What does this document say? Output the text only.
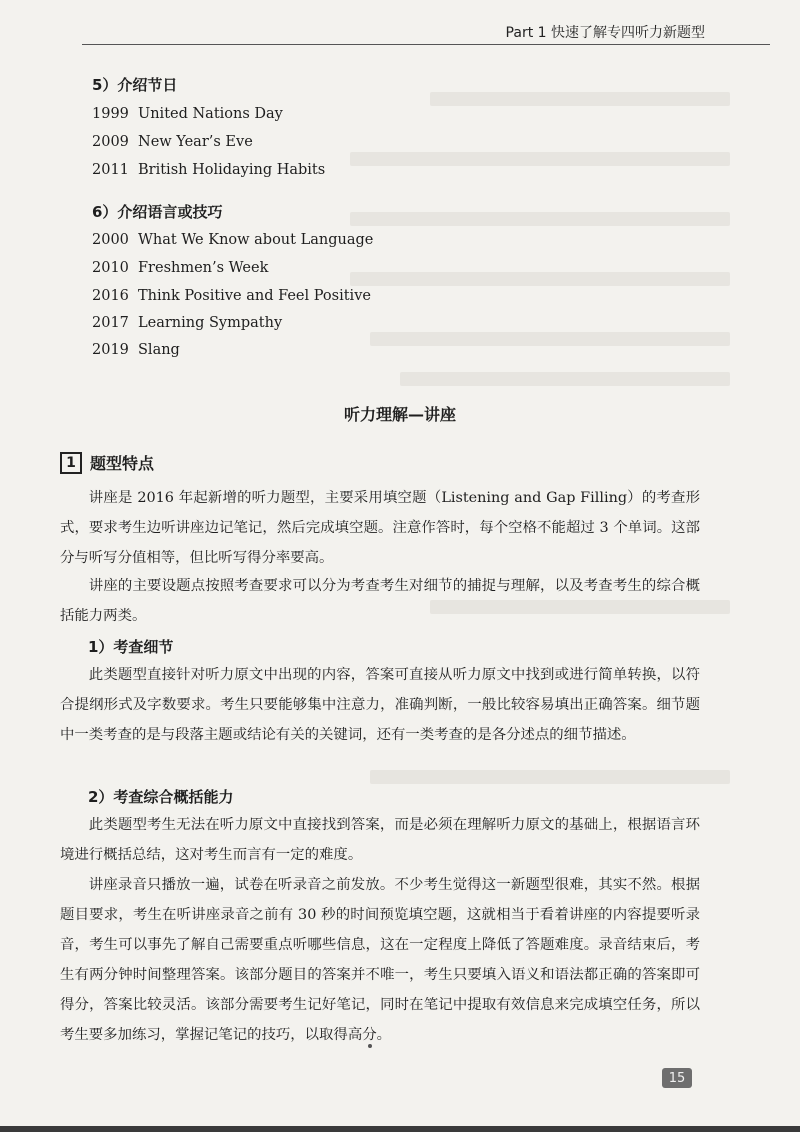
Part 1 快速了解专四听力新题型
5）介绍节日
1999 United Nations Day
2009 New Year’s Eve
2011 British Holidaying Habits
6）介绍语言或技巧
2000 What We Know about Language
2010 Freshmen’s Week
2016 Think Positive and Feel Positive
2017 Learning Sympathy
2019 Slang
听力理解—讲座
1 题型特点
讲座是 2016 年起新增的听力题型，主要采用填空题（Listening and Gap Filling）的考查形式，要求考生边听讲座边记笔记，然后完成填空题。注意作答时，每个空格不能超过 3 个单词。这部分与听写分值相等，但比听写得分率要高。
讲座的主要设题点按照考查要求可以分为考查考生对细节的捕捉与理解，以及考查考生的综合概括能力两类。
1）考查细节
此类题型直接针对听力原文中出现的内容，答案可直接从听力原文中找到或进行简单转换，以符合提纲形式及字数要求。考生只要能够集中注意力，准确判断，一般比较容易填出正确答案。细节题中一类考查的是与段落主题或结论有关的关键词，还有一类考查的是各分述点的细节描述。
2）考查综合概括能力
此类题型考生无法在听力原文中直接找到答案，而是必须在理解听力原文的基础上，根据语言环境进行概括总结，这对考生而言有一定的难度。
讲座录音只播放一遍，试卷在听录音之前发放。不少考生觉得这一新题型很难，其实不然。根据题目要求，考生在听讲座录音之前有 30 秒的时间预览填空题，这就相当于看着讲座的内容提要听录音，考生可以事先了解自己需要重点听哪些信息，这在一定程度上降低了答题难度。录音结束后，考生有两分钟时间整理答案。该部分题目的答案并不唯一，考生只要填入语义和语法都正确的答案即可得分，答案比较灵活。该部分需要考生记好笔记，同时在笔记中提取有效信息来完成填空任务，所以考生要多加练习，掌握记笔记的技巧，以取得高分。
15
